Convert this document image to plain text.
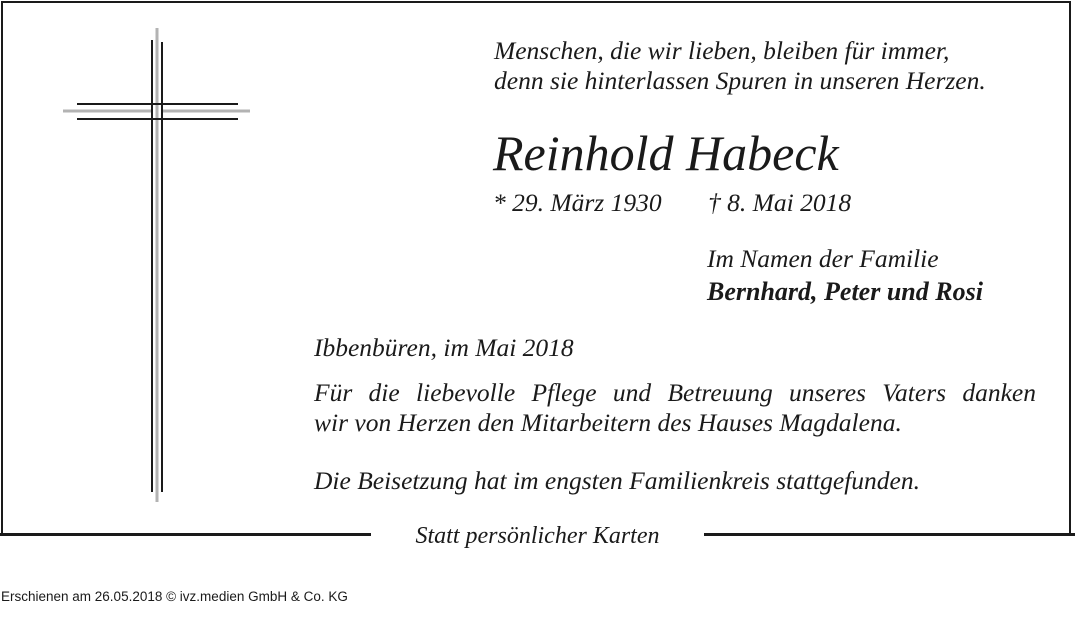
Menschen, die wir lieben, bleiben für immer,
denn sie hinterlassen Spuren in unseren Herzen.
Reinhold Habeck
* 29. März 1930 † 8. Mai 2018
Im Namen der Familie
Bernhard, Peter und Rosi
Ibbenbüren, im Mai 2018
Für die liebevolle Pflege und Betreuung unseres Vaters danken
wir von Herzen den Mitarbeitern des Hauses Magdalena.
Die Beisetzung hat im engsten Familienkreis stattgefunden.
Statt persönlicher Karten
Erschienen am 26.05.2018 © ivz.medien GmbH & Co. KG
